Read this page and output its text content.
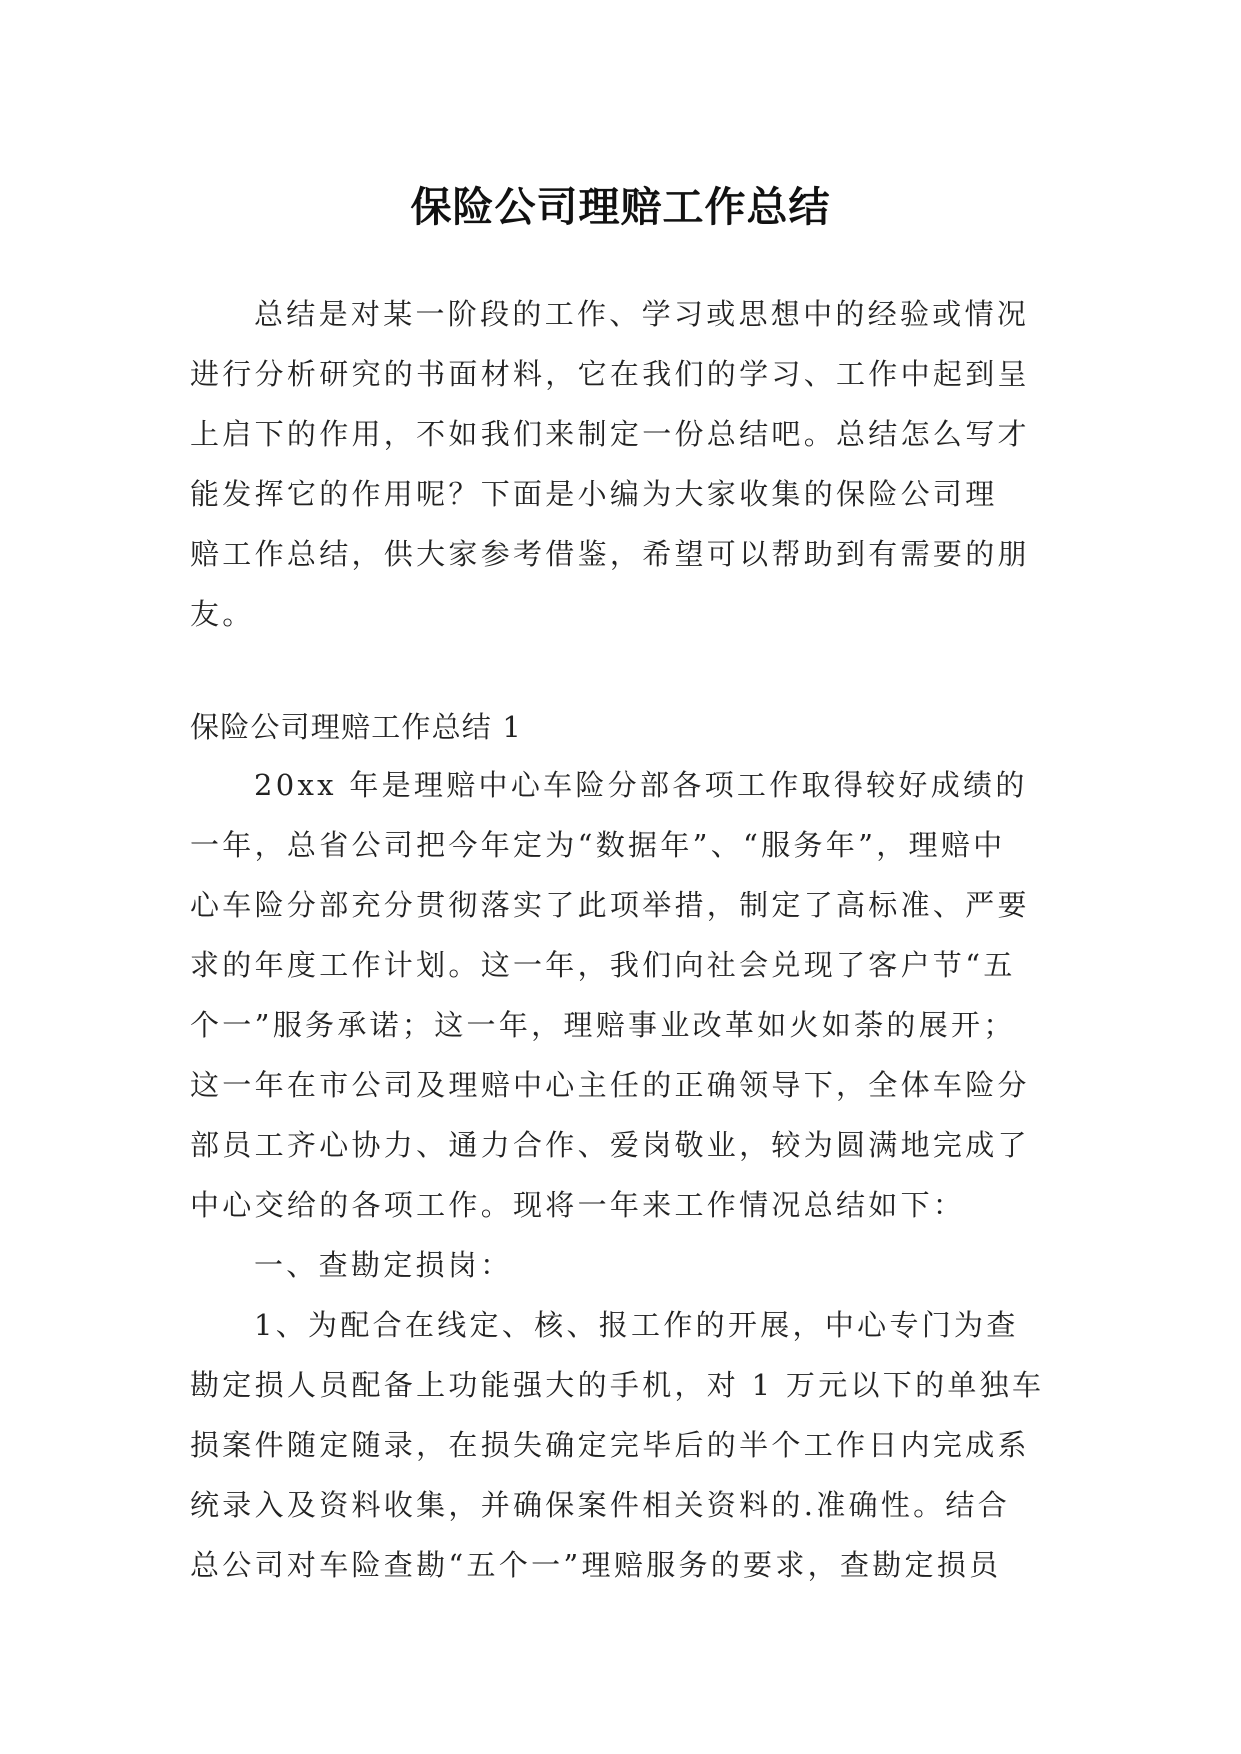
保险公司理赔工作总结

总结是对某一阶段的工作、学习或思想中的经验或情况
进行分析研究的书面材料，它在我们的学习、工作中起到呈
上启下的作用，不如我们来制定一份总结吧。总结怎么写才
能发挥它的作用呢？下面是小编为大家收集的保险公司理
赔工作总结，供大家参考借鉴，希望可以帮助到有需要的朋
友。

保险公司理赔工作总结 1

20xx 年是理赔中心车险分部各项工作取得较好成绩的
一年，总省公司把今年定为“数据年”、“服务年”，理赔中
心车险分部充分贯彻落实了此项举措，制定了高标准、严要
求的年度工作计划。这一年，我们向社会兑现了客户节“五
个一”服务承诺；这一年，理赔事业改革如火如荼的展开；
这一年在市公司及理赔中心主任的正确领导下，全体车险分
部员工齐心协力、通力合作、爱岗敬业，较为圆满地完成了
中心交给的各项工作。现将一年来工作情况总结如下：
一、查勘定损岗：
1、为配合在线定、核、报工作的开展，中心专门为查
勘定损人员配备上功能强大的手机，对 1 万元以下的单独车
损案件随定随录，在损失确定完毕后的半个工作日内完成系
统录入及资料收集，并确保案件相关资料的.准确性。结合
总公司对车险查勘“五个一”理赔服务的要求，查勘定损员
